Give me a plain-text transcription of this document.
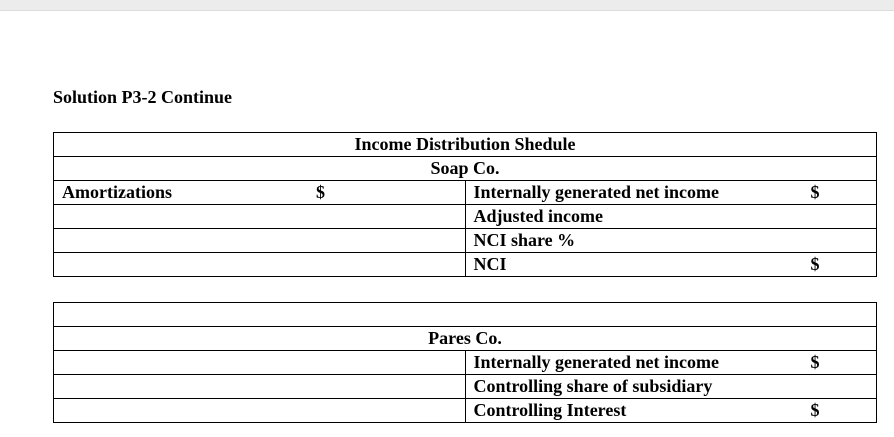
Solution P3-2 Continue
Income Distribution Shedule	
Soap Co.	

Amortizations $	Internally generated net income $

	Adjusted income

	NCI share %

	NCI $

Pares Co.	

	Internally generated net income $

	Controlling share of subsidiary

	Controlling Interest $
